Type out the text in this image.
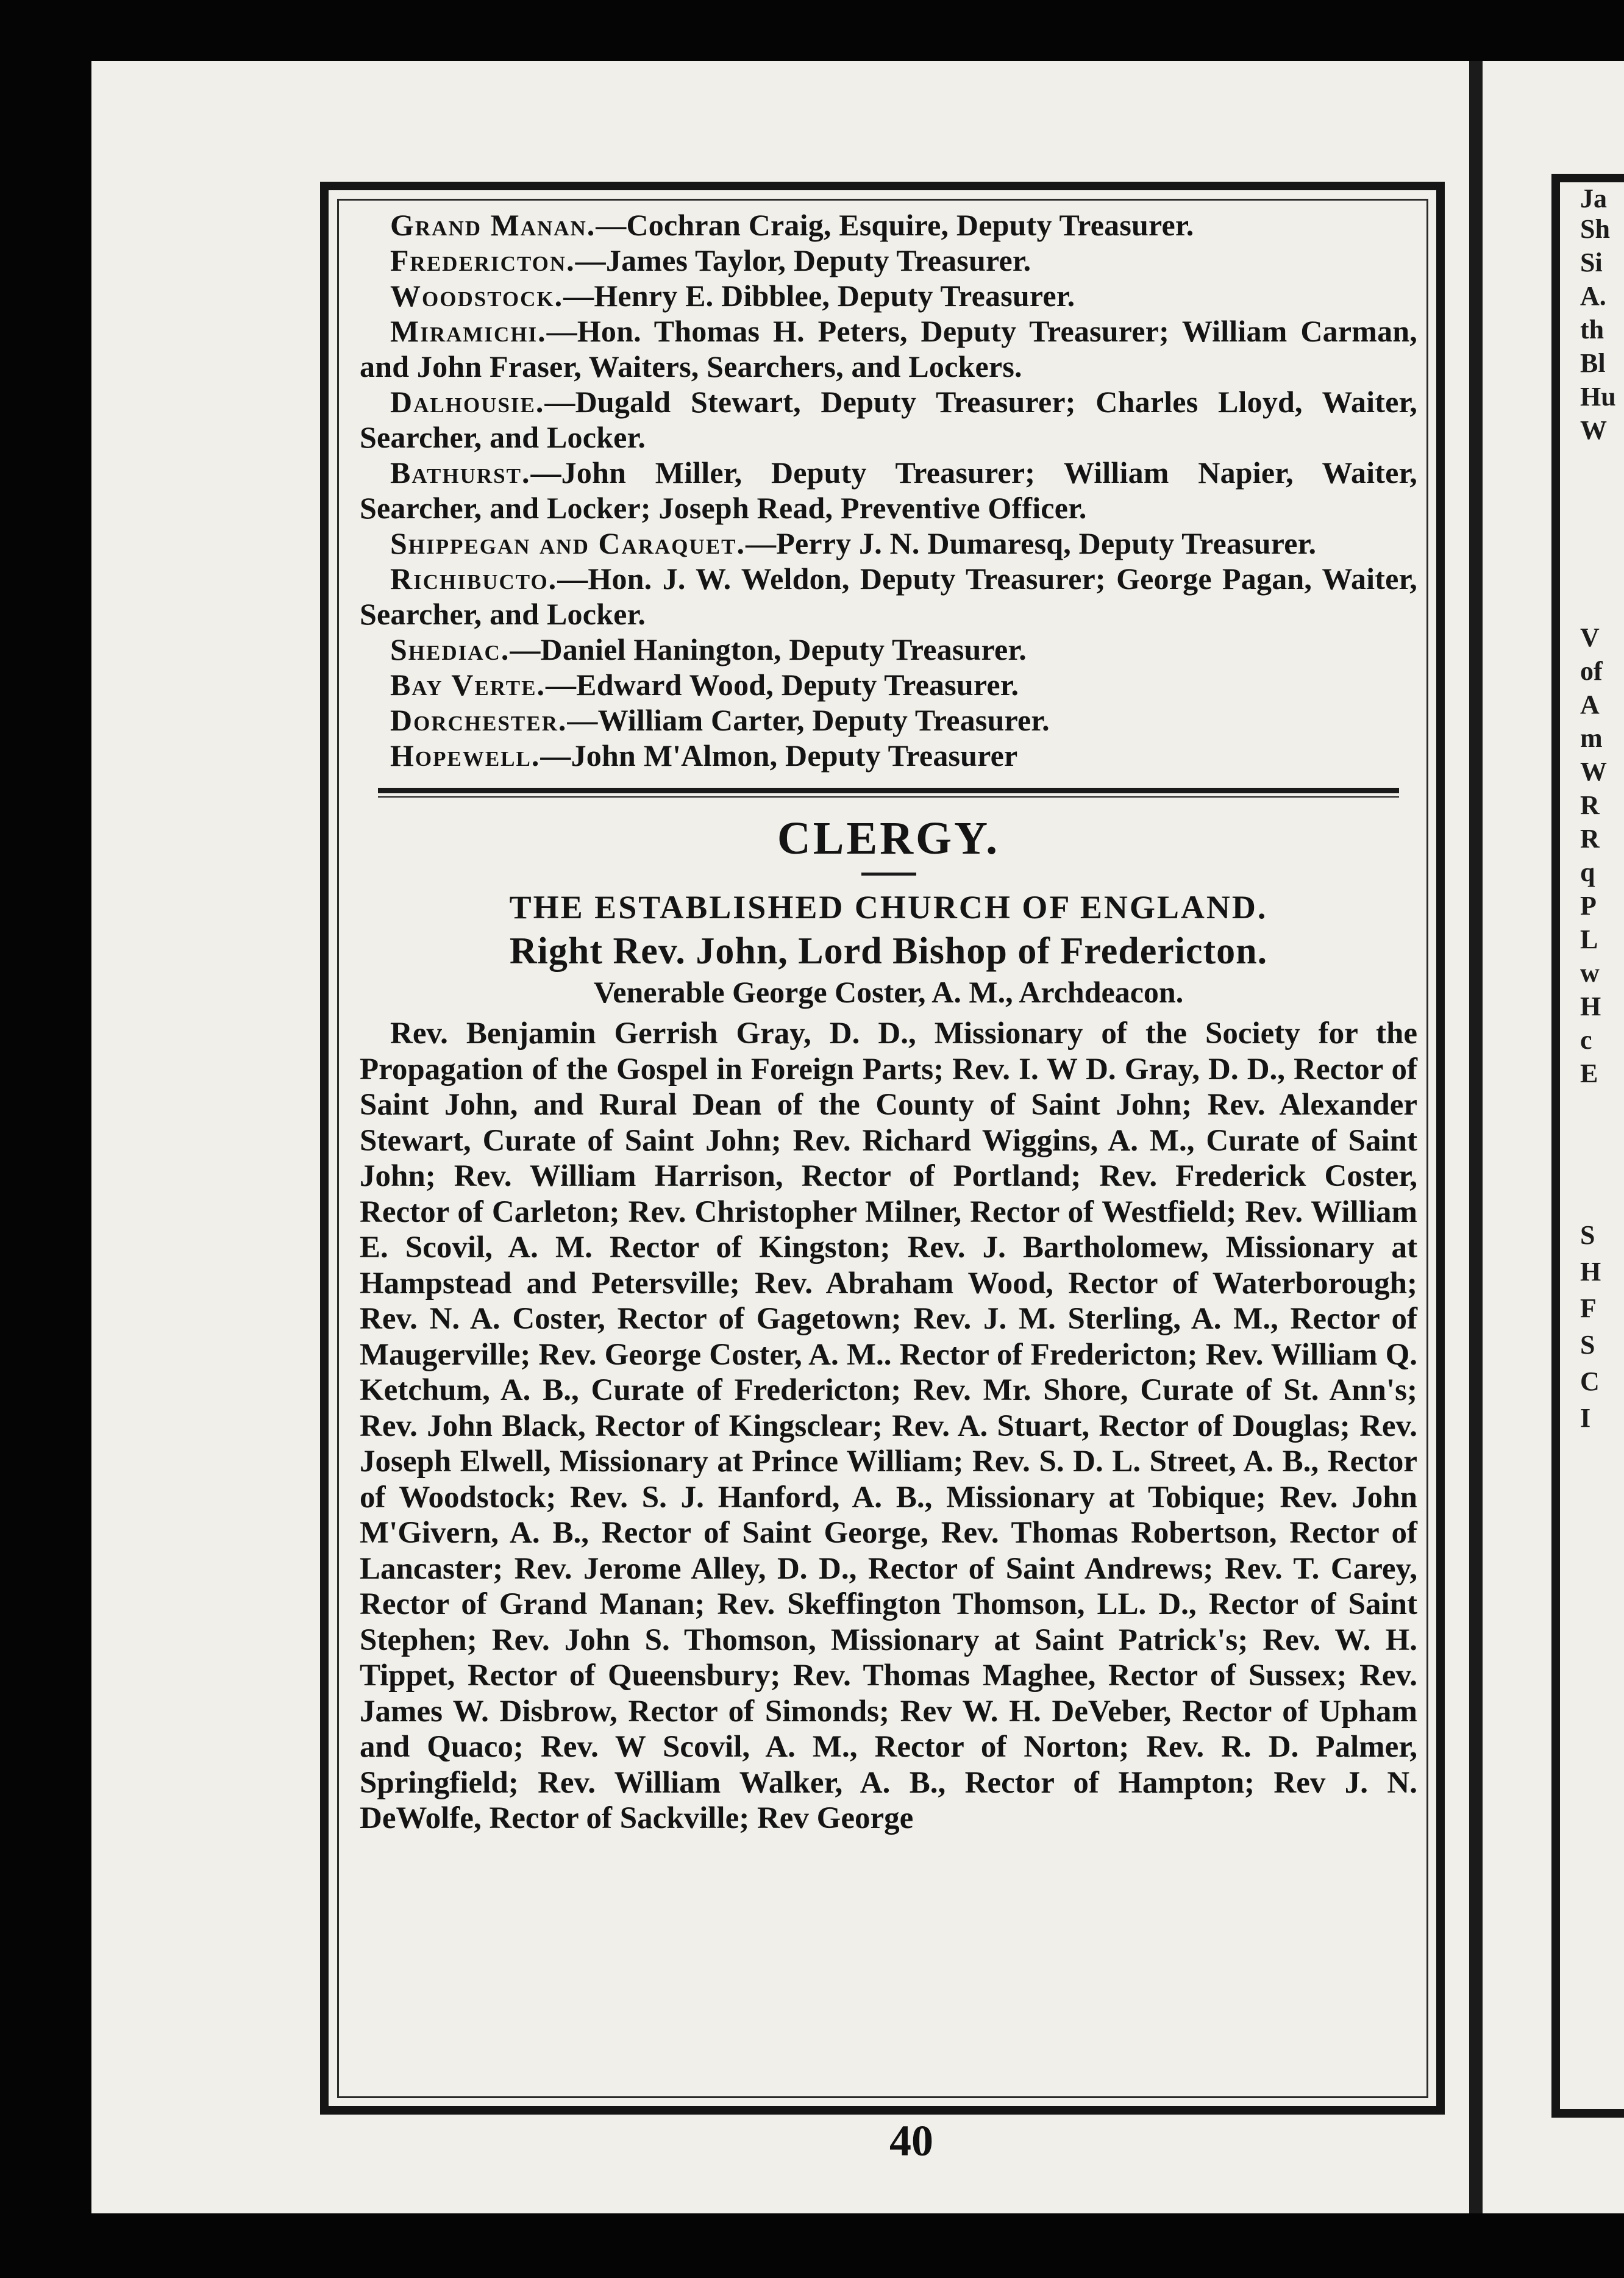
Ja
Sh
Si
A.
th
Bl
Hu
W
V
of
A
m
W
R
R
q
P
L
w
H
c
E
S
H
F
S
C
I

Grand Manan.—Cochran Craig, Esquire, Deputy Treasurer.

Fredericton.—James Taylor, Deputy Treasurer.

Woodstock.—Henry E. Dibblee, Deputy Treasurer.

Miramichi.—Hon. Thomas H. Peters, Deputy Treasurer; William Carman, and John Fraser, Waiters, Searchers, and Lockers.

Dalhousie.—Dugald Stewart, Deputy Treasurer; Charles Lloyd, Waiter, Searcher, and Locker.

Bathurst.—John Miller, Deputy Treasurer; William Napier, Waiter, Searcher, and Locker; Joseph Read, Preventive Officer.

Shippegan and Caraquet.—Perry J. N. Dumaresq, Deputy Treasurer.

Richibucto.—Hon. J. W. Weldon, Deputy Treasurer; George Pagan, Waiter, Searcher, and Locker.

Shediac.—Daniel Hanington, Deputy Treasurer.

Bay Verte.—Edward Wood, Deputy Treasurer.

Dorchester.—William Carter, Deputy Treasurer.

Hopewell.—John M'Almon, Deputy Treasurer

CLERGY.

THE ESTABLISHED CHURCH OF ENGLAND.

Right Rev. John, Lord Bishop of Fredericton.

Venerable George Coster, A. M., Archdeacon.

Rev. Benjamin Gerrish Gray, D. D., Missionary of the Society for the Propagation of the Gospel in Foreign Parts; Rev. I. W D. Gray, D. D., Rector of Saint John, and Rural Dean of the County of Saint John; Rev. Alexander Stewart, Curate of Saint John; Rev. Richard Wiggins, A. M., Curate of Saint John; Rev. William Harrison, Rector of Portland; Rev. Frederick Coster, Rector of Carleton; Rev. Christopher Milner, Rector of Westfield; Rev. William E. Scovil, A. M. Rector of Kingston; Rev. J. Bartholomew, Missionary at Hampstead and Petersville; Rev. Abraham Wood, Rector of Waterborough; Rev. N. A. Coster, Rector of Gagetown; Rev. J. M. Sterling, A. M., Rector of Maugerville; Rev. George Coster, A. M.. Rector of Fredericton; Rev. William Q. Ketchum, A. B., Curate of Fredericton; Rev. Mr. Shore, Curate of St. Ann's; Rev. John Black, Rector of Kingsclear; Rev. A. Stuart, Rector of Douglas; Rev. Joseph Elwell, Missionary at Prince William; Rev. S. D. L. Street, A. B., Rector of Woodstock; Rev. S. J. Hanford, A. B., Missionary at Tobique; Rev. John M'Givern, A. B., Rector of Saint George, Rev. Thomas Robertson, Rector of Lancaster; Rev. Jerome Alley, D. D., Rector of Saint Andrews; Rev. T. Carey, Rector of Grand Manan; Rev. Skeffington Thomson, LL. D., Rector of Saint Stephen; Rev. John S. Thomson, Missionary at Saint Patrick's; Rev. W. H. Tippet, Rector of Queensbury; Rev. Thomas Maghee, Rector of Sussex; Rev. James W. Disbrow, Rector of Simonds; Rev W. H. DeVeber, Rector of Upham and Quaco; Rev. W Scovil, A. M., Rector of Norton; Rev. R. D. Palmer, Springfield; Rev. William Walker, A. B., Rector of Hampton; Rev J. N. DeWolfe, Rector of Sackville; Rev George

40
